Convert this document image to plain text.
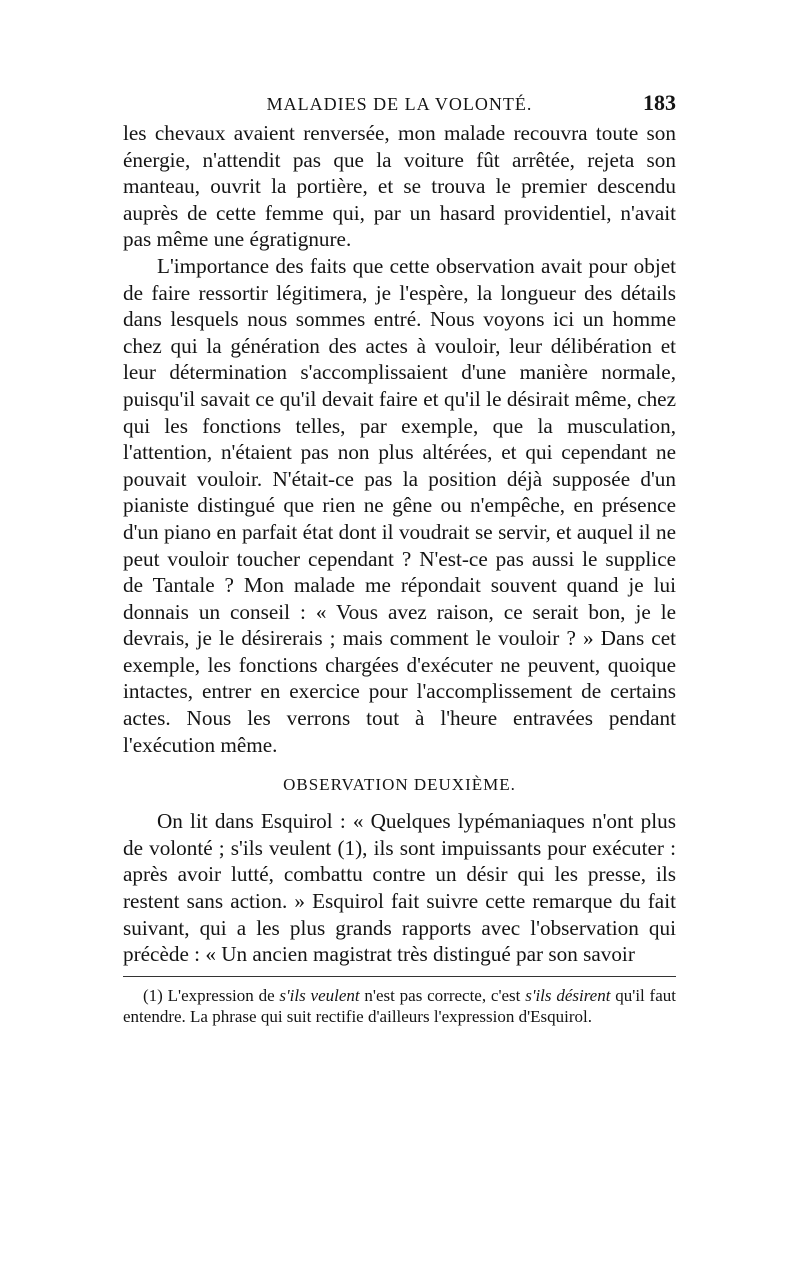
MALADIES DE LA VOLONTÉ.	183

les chevaux avaient renversée, mon malade recouvra toute son énergie, n'attendit pas que la voiture fût arrêtée, rejeta son manteau, ouvrit la portière, et se trouva le premier descendu auprès de cette femme qui, par un hasard providentiel, n'avait pas même une égratignure.

L'importance des faits que cette observation avait pour objet de faire ressortir légitimera, je l'espère, la longueur des détails dans lesquels nous sommes entré. Nous voyons ici un homme chez qui la génération des actes à vouloir, leur délibération et leur détermination s'accomplissaient d'une manière normale, puisqu'il savait ce qu'il devait faire et qu'il le désirait même, chez qui les fonctions telles, par exemple, que la musculation, l'attention, n'étaient pas non plus altérées, et qui cependant ne pouvait vouloir. N'était-ce pas la position déjà supposée d'un pianiste distingué que rien ne gêne ou n'empêche, en présence d'un piano en parfait état dont il voudrait se servir, et auquel il ne peut vouloir toucher cependant ? N'est-ce pas aussi le supplice de Tantale ? Mon malade me répondait souvent quand je lui donnais un conseil : « Vous avez raison, ce serait bon, je le devrais, je le désirerais ; mais comment le vouloir ? » Dans cet exemple, les fonctions chargées d'exécuter ne peuvent, quoique intactes, entrer en exercice pour l'accomplissement de certains actes. Nous les verrons tout à l'heure entravées pendant l'exécution même.

OBSERVATION DEUXIÈME.

On lit dans Esquirol : « Quelques lypémaniaques n'ont plus de volonté ; s'ils veulent (1), ils sont impuissants pour exécuter : après avoir lutté, combattu contre un désir qui les presse, ils restent sans action. » Esquirol fait suivre cette remarque du fait suivant, qui a les plus grands rapports avec l'observation qui précède : « Un ancien magistrat très distingué par son savoir

(1) L'expression de s'ils veulent n'est pas correcte, c'est s'ils désirent qu'il faut entendre. La phrase qui suit rectifie d'ailleurs l'expression d'Esquirol.
